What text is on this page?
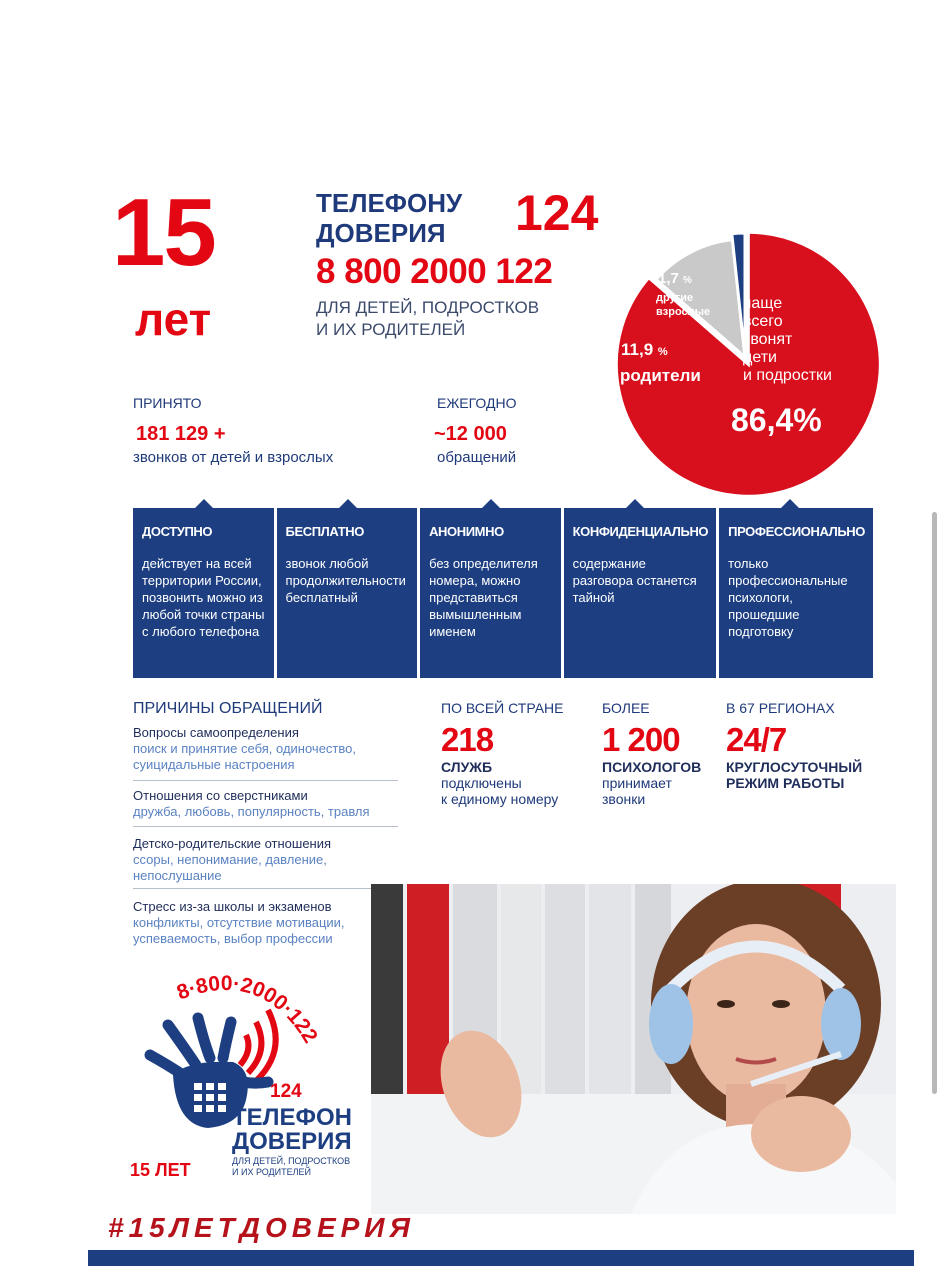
15
лет
ТЕЛЕФОНУ
ДОВЕРИЯ	124
8 800 2000 122
ДЛЯ ДЕТЕЙ, ПОДРОСТКОВ
И ИХ РОДИТЕЛЕЙ
1,7 %
другие
взрослые
11,9 %
родители
чаще
всего
звонят
дети
и подростки
86,4%
ПРИНЯТО
181 129 +
звонков от детей и взрослых
ЕЖЕГОДНО
~12 000
обращений
ДОСТУПНО
действует на всей территории России, позвонить можно из любой точки страны с любого телефона
БЕСПЛАТНО
звонок любой продолжительности бесплатный
АНОНИМНО
без определителя номера, можно представиться вымышленным именем
КОНФИДЕНЦИАЛЬНО
содержание разговора останется тайной
ПРОФЕССИОНАЛЬНО
только профессиональные психологи, прошедшие подготовку
ПРИЧИНЫ ОБРАЩЕНИЙ
Вопросы самоопределения
поиск и принятие себя, одиночество, суицидальные настроения
Отношения со сверстниками
дружба, любовь, популярность, травля
Детско-родительские отношения
ссоры, непонимание, давление, непослушание
Стресс из-за школы и экзаменов
конфликты, отсутствие мотивации, успеваемость, выбор профессии
ПО ВСЕЙ СТРАНЕ
218
СЛУЖБ
подключены
к единому номеру
БОЛЕЕ
1 200
ПСИХОЛОГОВ
принимает
звонки
В 67 РЕГИОНАХ
24/7
КРУГЛОСУТОЧНЫЙ
РЕЖИМ РАБОТЫ
8·800·2000·122
124
ТЕЛЕФОН
ДОВЕРИЯ
ДЛЯ ДЕТЕЙ, ПОДРОСТКОВ
И ИХ РОДИТЕЛЕЙ
15 ЛЕТ
#15ЛЕТДОВЕРИЯ
